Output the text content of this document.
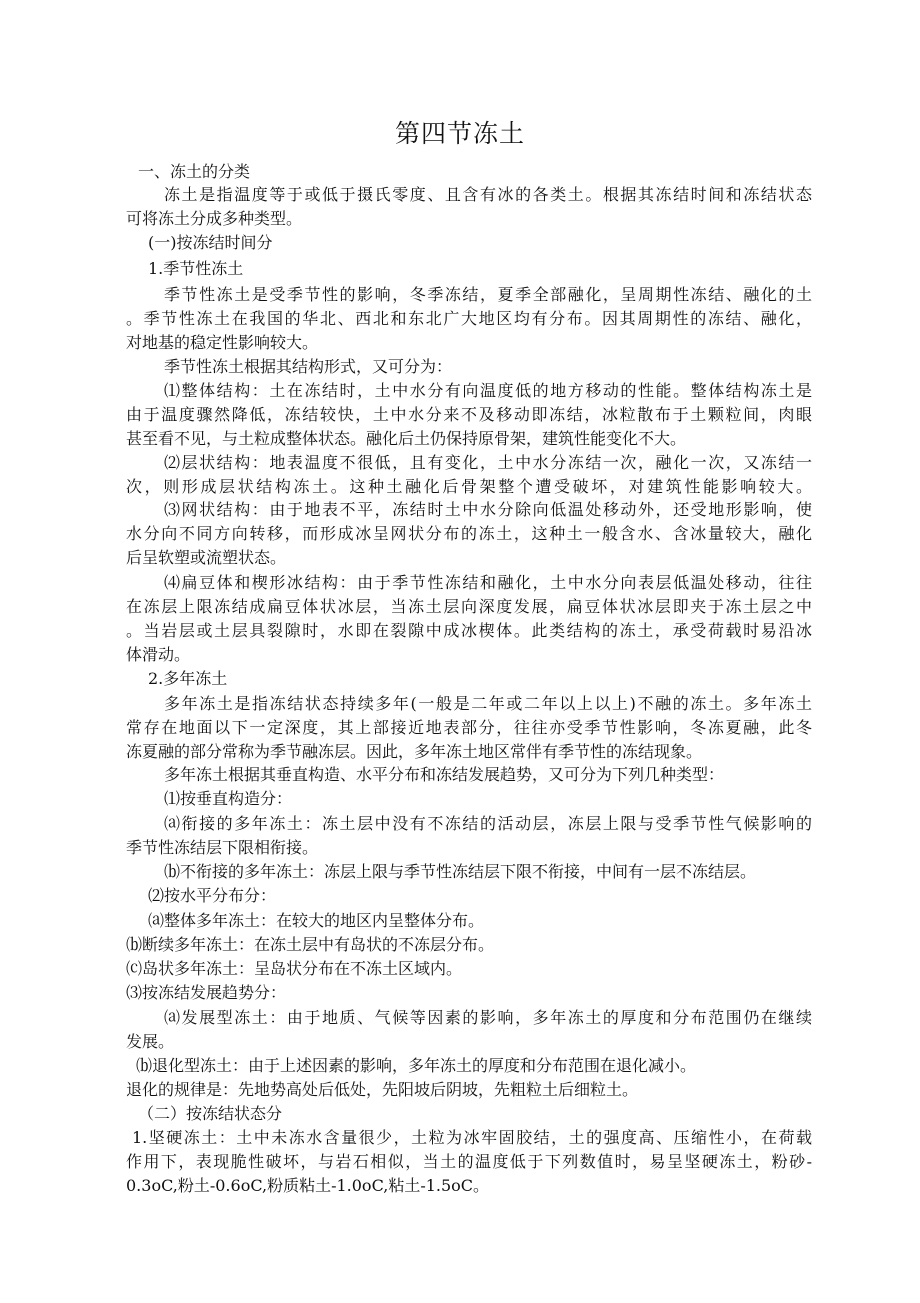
第四节冻土
一、冻土的分类
冻土是指温度等于或低于摄氏零度、且含有冰的各类土。根据其冻结时间和冻结状态
可将冻土分成多种类型。
(一)按冻结时间分
1.季节性冻土
季节性冻土是受季节性的影响，冬季冻结，夏季全部融化，呈周期性冻结、融化的土
。季节性冻土在我国的华北、西北和东北广大地区均有分布。因其周期性的冻结、融化，
对地基的稳定性影响较大。
季节性冻土根据其结构形式，又可分为：
⑴整体结构：土在冻结时，土中水分有向温度低的地方移动的性能。整体结构冻土是
由于温度骤然降低，冻结较快，土中水分来不及移动即冻结，冰粒散布于土颗粒间，肉眼
甚至看不见，与土粒成整体状态。融化后土仍保持原骨架，建筑性能变化不大。
⑵层状结构：地表温度不很低，且有变化，土中水分冻结一次，融化一次，又冻结一
次，则形成层状结构冻土。这种土融化后骨架整个遭受破坏，对建筑性能影响较大。
⑶网状结构：由于地表不平，冻结时土中水分除向低温处移动外，还受地形影响，使
水分向不同方向转移，而形成冰呈网状分布的冻土，这种土一般含水、含冰量较大，融化
后呈软塑或流塑状态。
⑷扁豆体和楔形冰结构：由于季节性冻结和融化，土中水分向表层低温处移动，往往
在冻层上限冻结成扁豆体状冰层，当冻土层向深度发展，扁豆体状冰层即夹于冻土层之中
。当岩层或土层具裂隙时，水即在裂隙中成冰楔体。此类结构的冻土，承受荷载时易沿冰
体滑动。
2.多年冻土
多年冻土是指冻结状态持续多年(一般是二年或二年以上以上)不融的冻土。多年冻土
常存在地面以下一定深度，其上部接近地表部分，往往亦受季节性影响，冬冻夏融，此冬
冻夏融的部分常称为季节融冻层。因此，多年冻土地区常伴有季节性的冻结现象。
多年冻土根据其垂直构造、水平分布和冻结发展趋势，又可分为下列几种类型：
⑴按垂直构造分：
⒜衔接的多年冻土：冻土层中没有不冻结的活动层，冻层上限与受季节性气候影响的
季节性冻结层下限相衔接。
⒝不衔接的多年冻土：冻层上限与季节性冻结层下限不衔接，中间有一层不冻结层。
⑵按水平分布分：
⒜整体多年冻土：在较大的地区内呈整体分布。
⒝断续多年冻土：在冻土层中有岛状的不冻层分布。
⒞岛状多年冻土：呈岛状分布在不冻土区域内。
⑶按冻结发展趋势分：
⒜发展型冻土：由于地质、气候等因素的影响，多年冻土的厚度和分布范围仍在继续
发展。
⒝退化型冻土：由于上述因素的影响，多年冻土的厚度和分布范围在退化减小。
退化的规律是：先地势高处后低处，先阳坡后阴坡，先粗粒土后细粒土。
（二）按冻结状态分
1.坚硬冻土：土中未冻水含量很少，土粒为冰牢固胶结，土的强度高、压缩性小，在荷载
作用下，表现脆性破坏，与岩石相似，当土的温度低于下列数值时，易呈坚硬冻土，粉砂-
0.3oC,粉土-0.6oC,粉质粘土-1.0oC,粘土-1.5oC。
